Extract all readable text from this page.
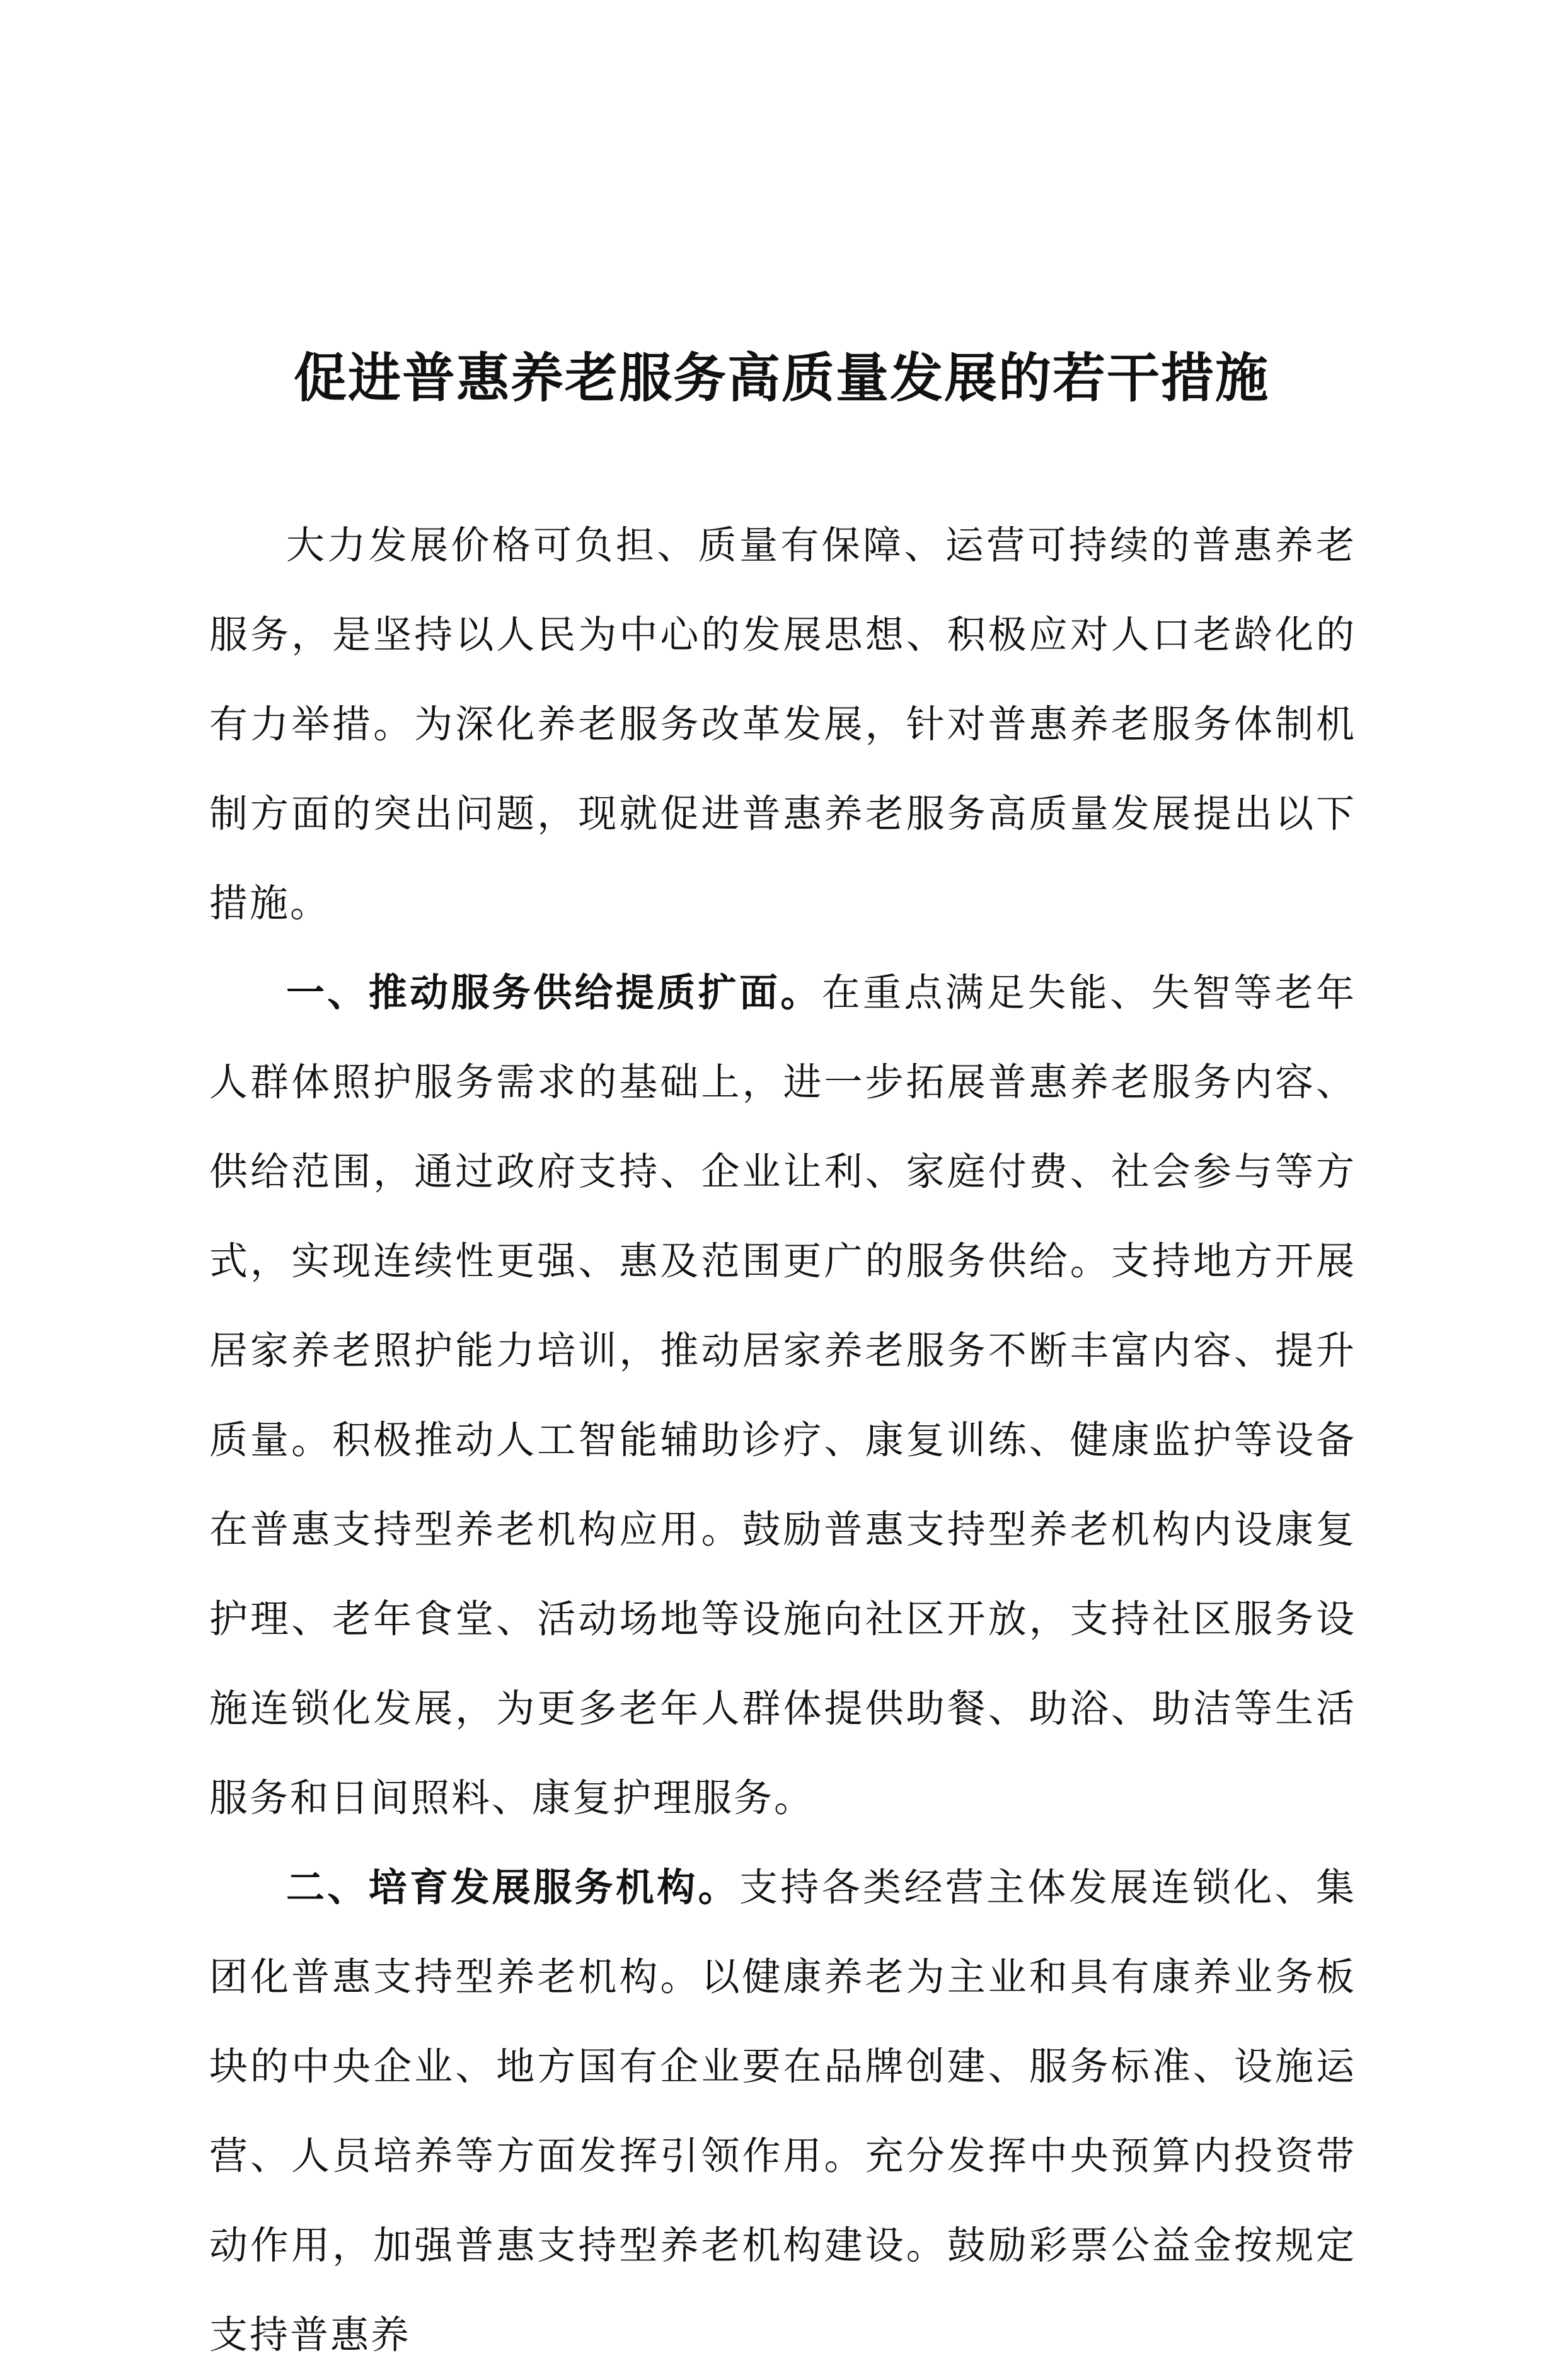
促进普惠养老服务高质量发展的若干措施

大力发展价格可负担、质量有保障、运营可持续的普惠养老服务，是坚持以人民为中心的发展思想、积极应对人口老龄化的有力举措。为深化养老服务改革发展，针对普惠养老服务体制机制方面的突出问题，现就促进普惠养老服务高质量发展提出以下措施。

一、推动服务供给提质扩面。在重点满足失能、失智等老年人群体照护服务需求的基础上，进一步拓展普惠养老服务内容、供给范围，通过政府支持、企业让利、家庭付费、社会参与等方式，实现连续性更强、惠及范围更广的服务供给。支持地方开展居家养老照护能力培训，推动居家养老服务不断丰富内容、提升质量。积极推动人工智能辅助诊疗、康复训练、健康监护等设备在普惠支持型养老机构应用。鼓励普惠支持型养老机构内设康复护理、老年食堂、活动场地等设施向社区开放，支持社区服务设施连锁化发展，为更多老年人群体提供助餐、助浴、助洁等生活服务和日间照料、康复护理服务。

二、培育发展服务机构。支持各类经营主体发展连锁化、集团化普惠支持型养老机构。以健康养老为主业和具有康养业务板块的中央企业、地方国有企业要在品牌创建、服务标准、设施运营、人员培养等方面发挥引领作用。充分发挥中央预算内投资带动作用，加强普惠支持型养老机构建设。鼓励彩票公益金按规定支持普惠养
